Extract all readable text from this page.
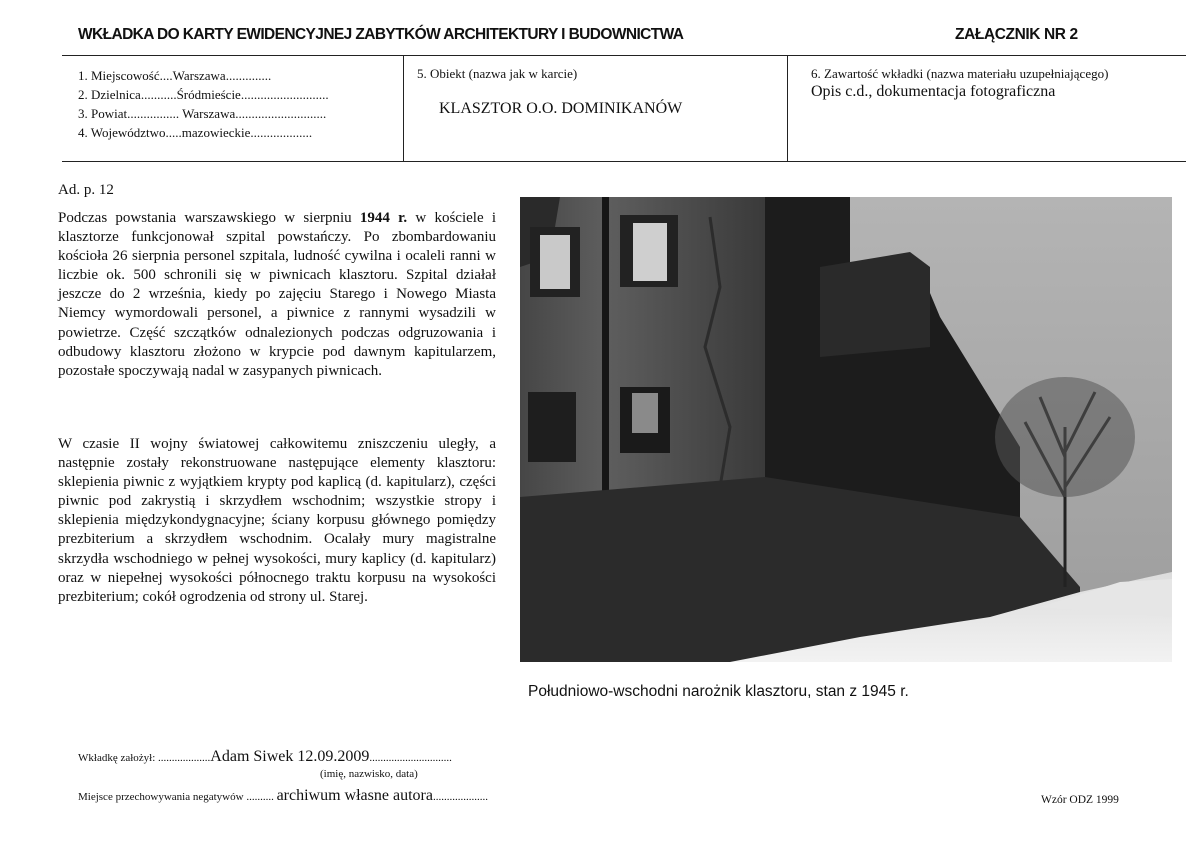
WKŁADKA DO KARTY EWIDENCYJNEJ ZABYTKÓW ARCHITEKTURY I BUDOWNICTWA	ZAŁĄCZNIK NR 2
1. Miejscowość....Warszawa..............
2. Dzielnica...........Śródmieście...........................
3. Powiat................ Warszawa............................
4. Województwo.....mazowieckie...................
5. Obiekt (nazwa jak w karcie)
KLASZTOR O.O. DOMINIKANÓW
6. Zawartość wkładki (nazwa materiału uzupełniającego)
Opis c.d., dokumentacja fotograficzna
Ad. p. 12
Podczas powstania warszawskiego w sierpniu 1944 r. w kościele i klasztorze funkcjonował szpital powstańczy. Po zbombardowaniu kościoła 26 sierpnia personel szpitala, ludność cywilna i ocaleli ranni w liczbie ok. 500 schronili się w piwnicach klasztoru. Szpital działał jeszcze do 2 września, kiedy po zajęciu Starego i Nowego Miasta Niemcy wymordowali personel, a piwnice z rannymi wysadzili w powietrze. Część szczątków odnalezionych podczas odgruzowania i odbudowy klasztoru złożono w krypcie pod dawnym kapitularzem, pozostałe spoczywają nadal w zasypanych piwnicach.
W czasie II wojny światowej całkowitemu zniszczeniu uległy, a następnie zostały rekonstruowane następujące elementy klasztoru: sklepienia piwnic z wyjątkiem krypty pod kaplicą (d. kapitularz), części piwnic pod zakrystią i skrzydłem wschodnim; wszystkie stropy i sklepienia międzykondygnacyjne; ściany korpusu głównego pomiędzy prezbiterium a skrzydłem wschodnim. Ocalały mury magistralne skrzydła wschodniego w pełnej wysokości, mury kaplicy (d. kapitularz) oraz w niepełnej wysokości północnego traktu korpusu na wysokości prezbiterium; cokół ogrodzenia od strony ul. Starej.
Południowo-wschodni narożnik klasztoru, stan z 1945 r.
Wkładkę założył: ...................Adam Siwek 12.09.2009..............................
(imię, nazwisko, data)
Miejsce przechowywania negatywów .......... archiwum własne autora....................	Wzór ODZ 1999
